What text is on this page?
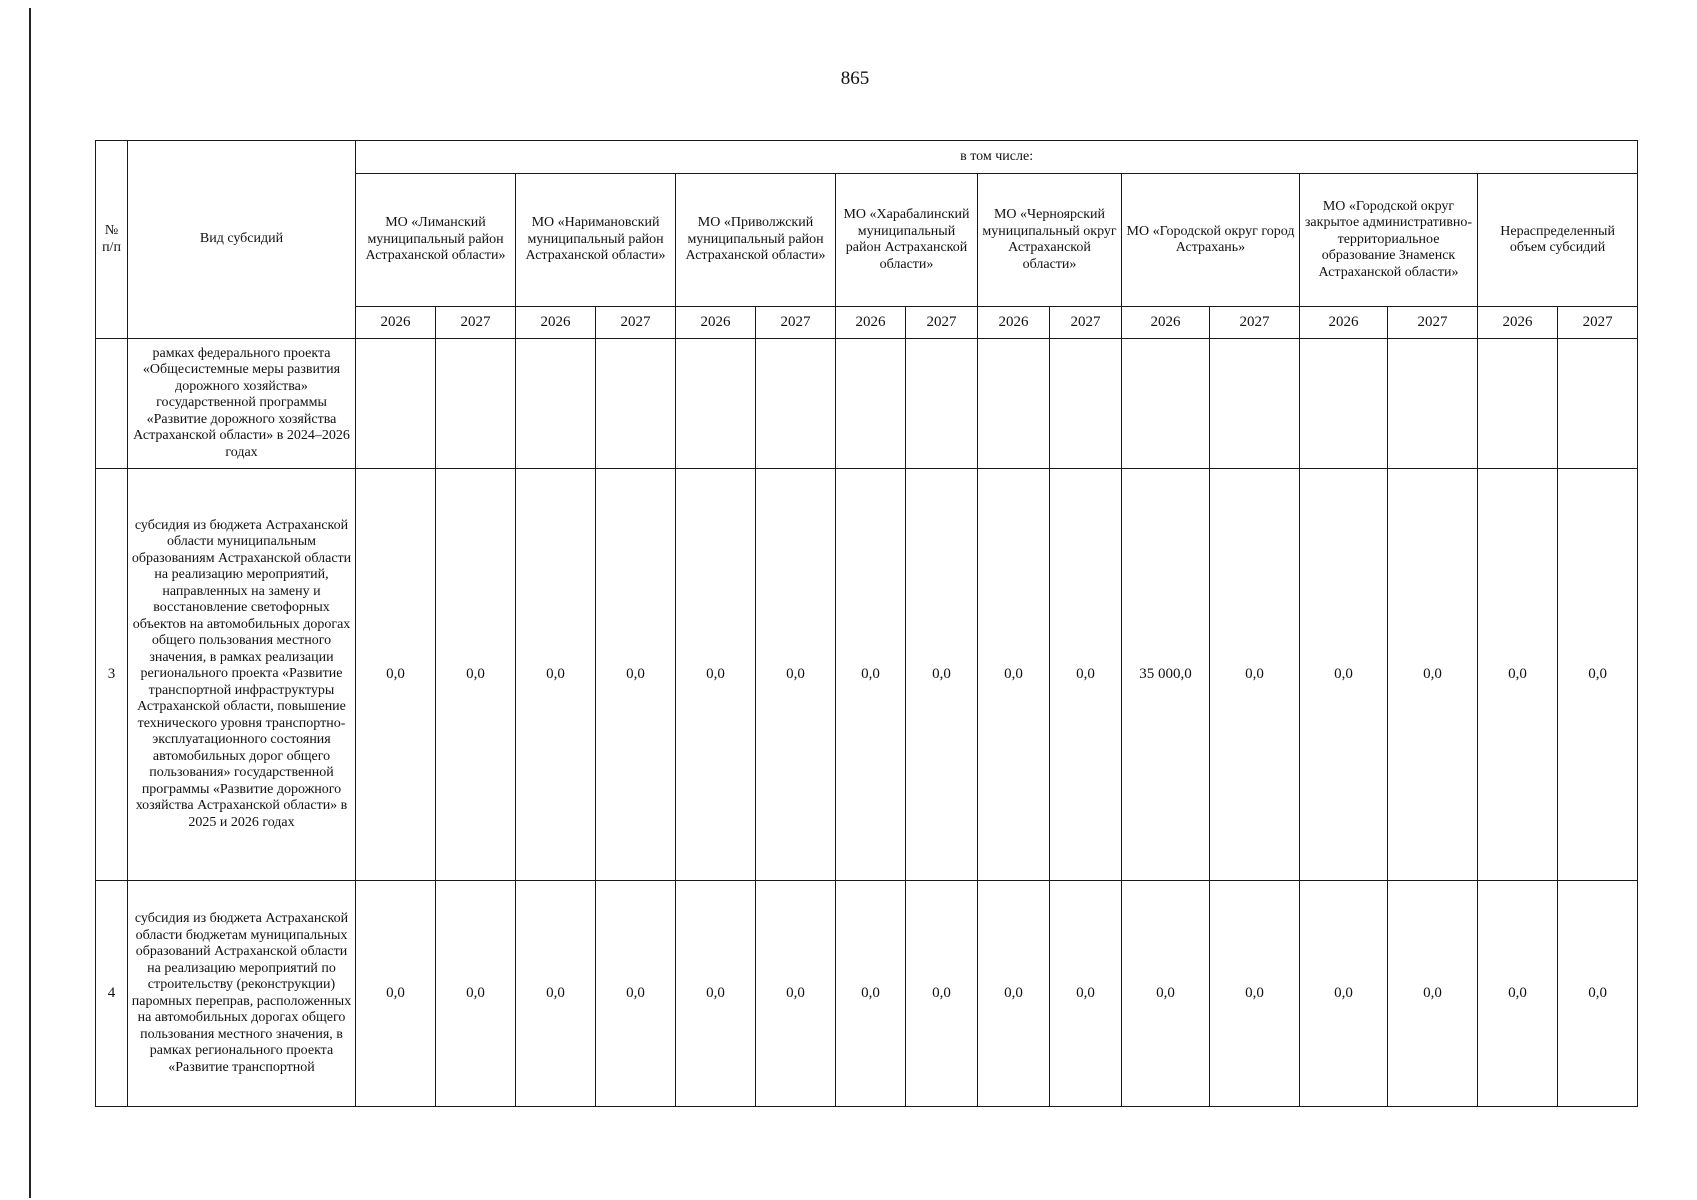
865
№ п/п	Вид субсидий	в том числе:															
		МО «Лиманский муниципальный район Астраханской области»		МО «Наримановский муниципальный район Астраханской области»		МО «Приволжский муниципальный район Астраханской области»		МО «Харабалинский муниципальный район Астраханской области»		МО «Черноярский муниципальный округ Астраханской области»		МО «Городской округ город Астрахань»		МО «Городской округ закрытое административно-территориальное образование Знаменск Астраханской области»		Нераспределенный объем субсидий	
		2026	2027	2026	2027	2026	2027	2026	2027	2026	2027	2026	2027	2026	2027	2026	2027
	рамках федерального проекта «Общесистемные меры развития дорожного хозяйства» государственной программы «Развитие дорожного хозяйства Астраханской области» в 2024–2026 годах																
3	субсидия из бюджета Астраханской области муниципальным образованиям Астраханской области на реализацию мероприятий, направленных на замену и восстановление светофорных объектов на автомобильных дорогах общего пользования местного значения, в рамках реализации регионального проекта «Развитие транспортной инфраструктуры Астраханской области, повышение технического уровня транспортно-эксплуатационного состояния автомобильных дорог общего пользования» государственной программы «Развитие дорожного хозяйства Астраханской области» в 2025 и 2026 годах	0,0	0,0	0,0	0,0	0,0	0,0	0,0	0,0	0,0	0,0	35 000,0	0,0	0,0	0,0	0,0	0,0
4	субсидия из бюджета Астраханской области бюджетам муниципальных образований Астраханской области на реализацию мероприятий по строительству (реконструкции) паромных переправ, расположенных на автомобильных дорогах общего пользования местного значения, в рамках регионального проекта «Развитие транспортной	0,0	0,0	0,0	0,0	0,0	0,0	0,0	0,0	0,0	0,0	0,0	0,0	0,0	0,0	0,0	0,0
